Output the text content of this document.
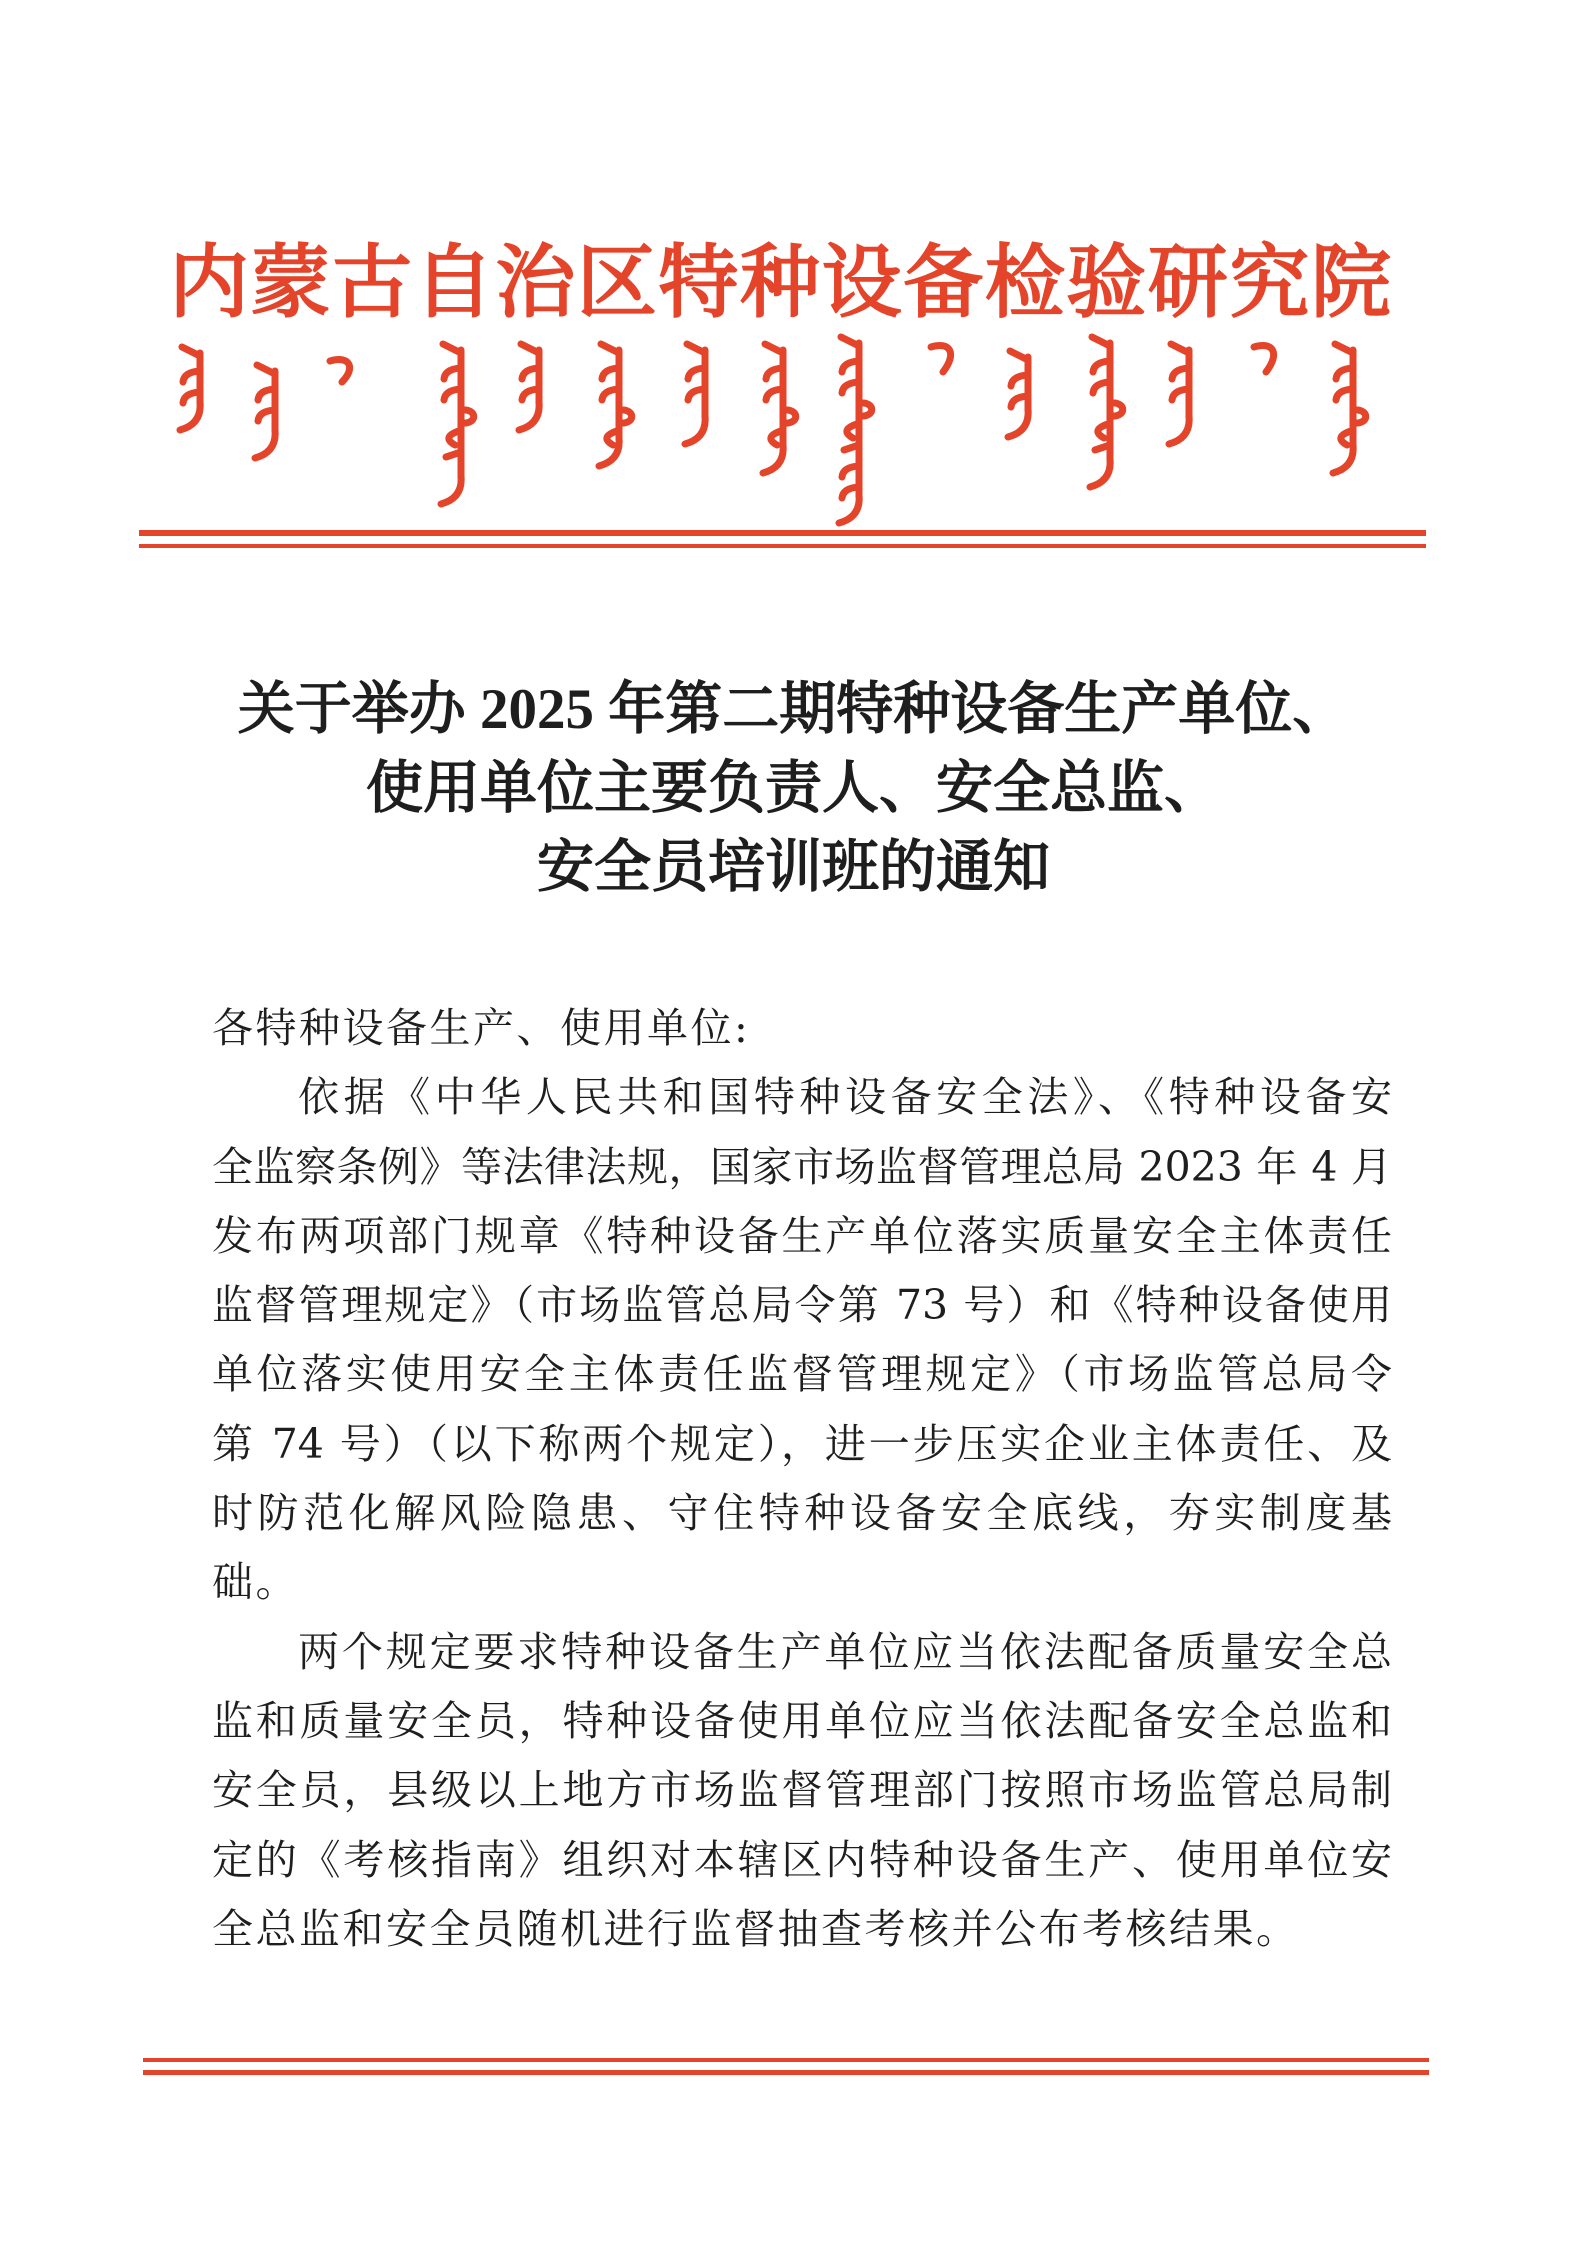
内蒙古自治区特种设备检验研究院
关于举办 2025 年第二期特种设备生产单位、
使用单位主要负责人、安全总监、
安全员培训班的通知
各特种设备生产、使用单位:
依据《中华人民共和国特种设备安全法》、《特种设备安
全监察条例》等法律法规，国家市场监督管理总局 2023 年 4 月
发布两项部门规章《特种设备生产单位落实质量安全主体责任
监督管理规定》（市场监管总局令第 73 号）和《特种设备使用
单位落实使用安全主体责任监督管理规定》（市场监管总局令
第 74 号）（以下称两个规定），进一步压实企业主体责任、及
时防范化解风险隐患、守住特种设备安全底线，夯实制度基
础。
两个规定要求特种设备生产单位应当依法配备质量安全总
监和质量安全员，特种设备使用单位应当依法配备安全总监和
安全员，县级以上地方市场监督管理部门按照市场监管总局制
定的《考核指南》组织对本辖区内特种设备生产、使用单位安
全总监和安全员随机进行监督抽查考核并公布考核结果。
